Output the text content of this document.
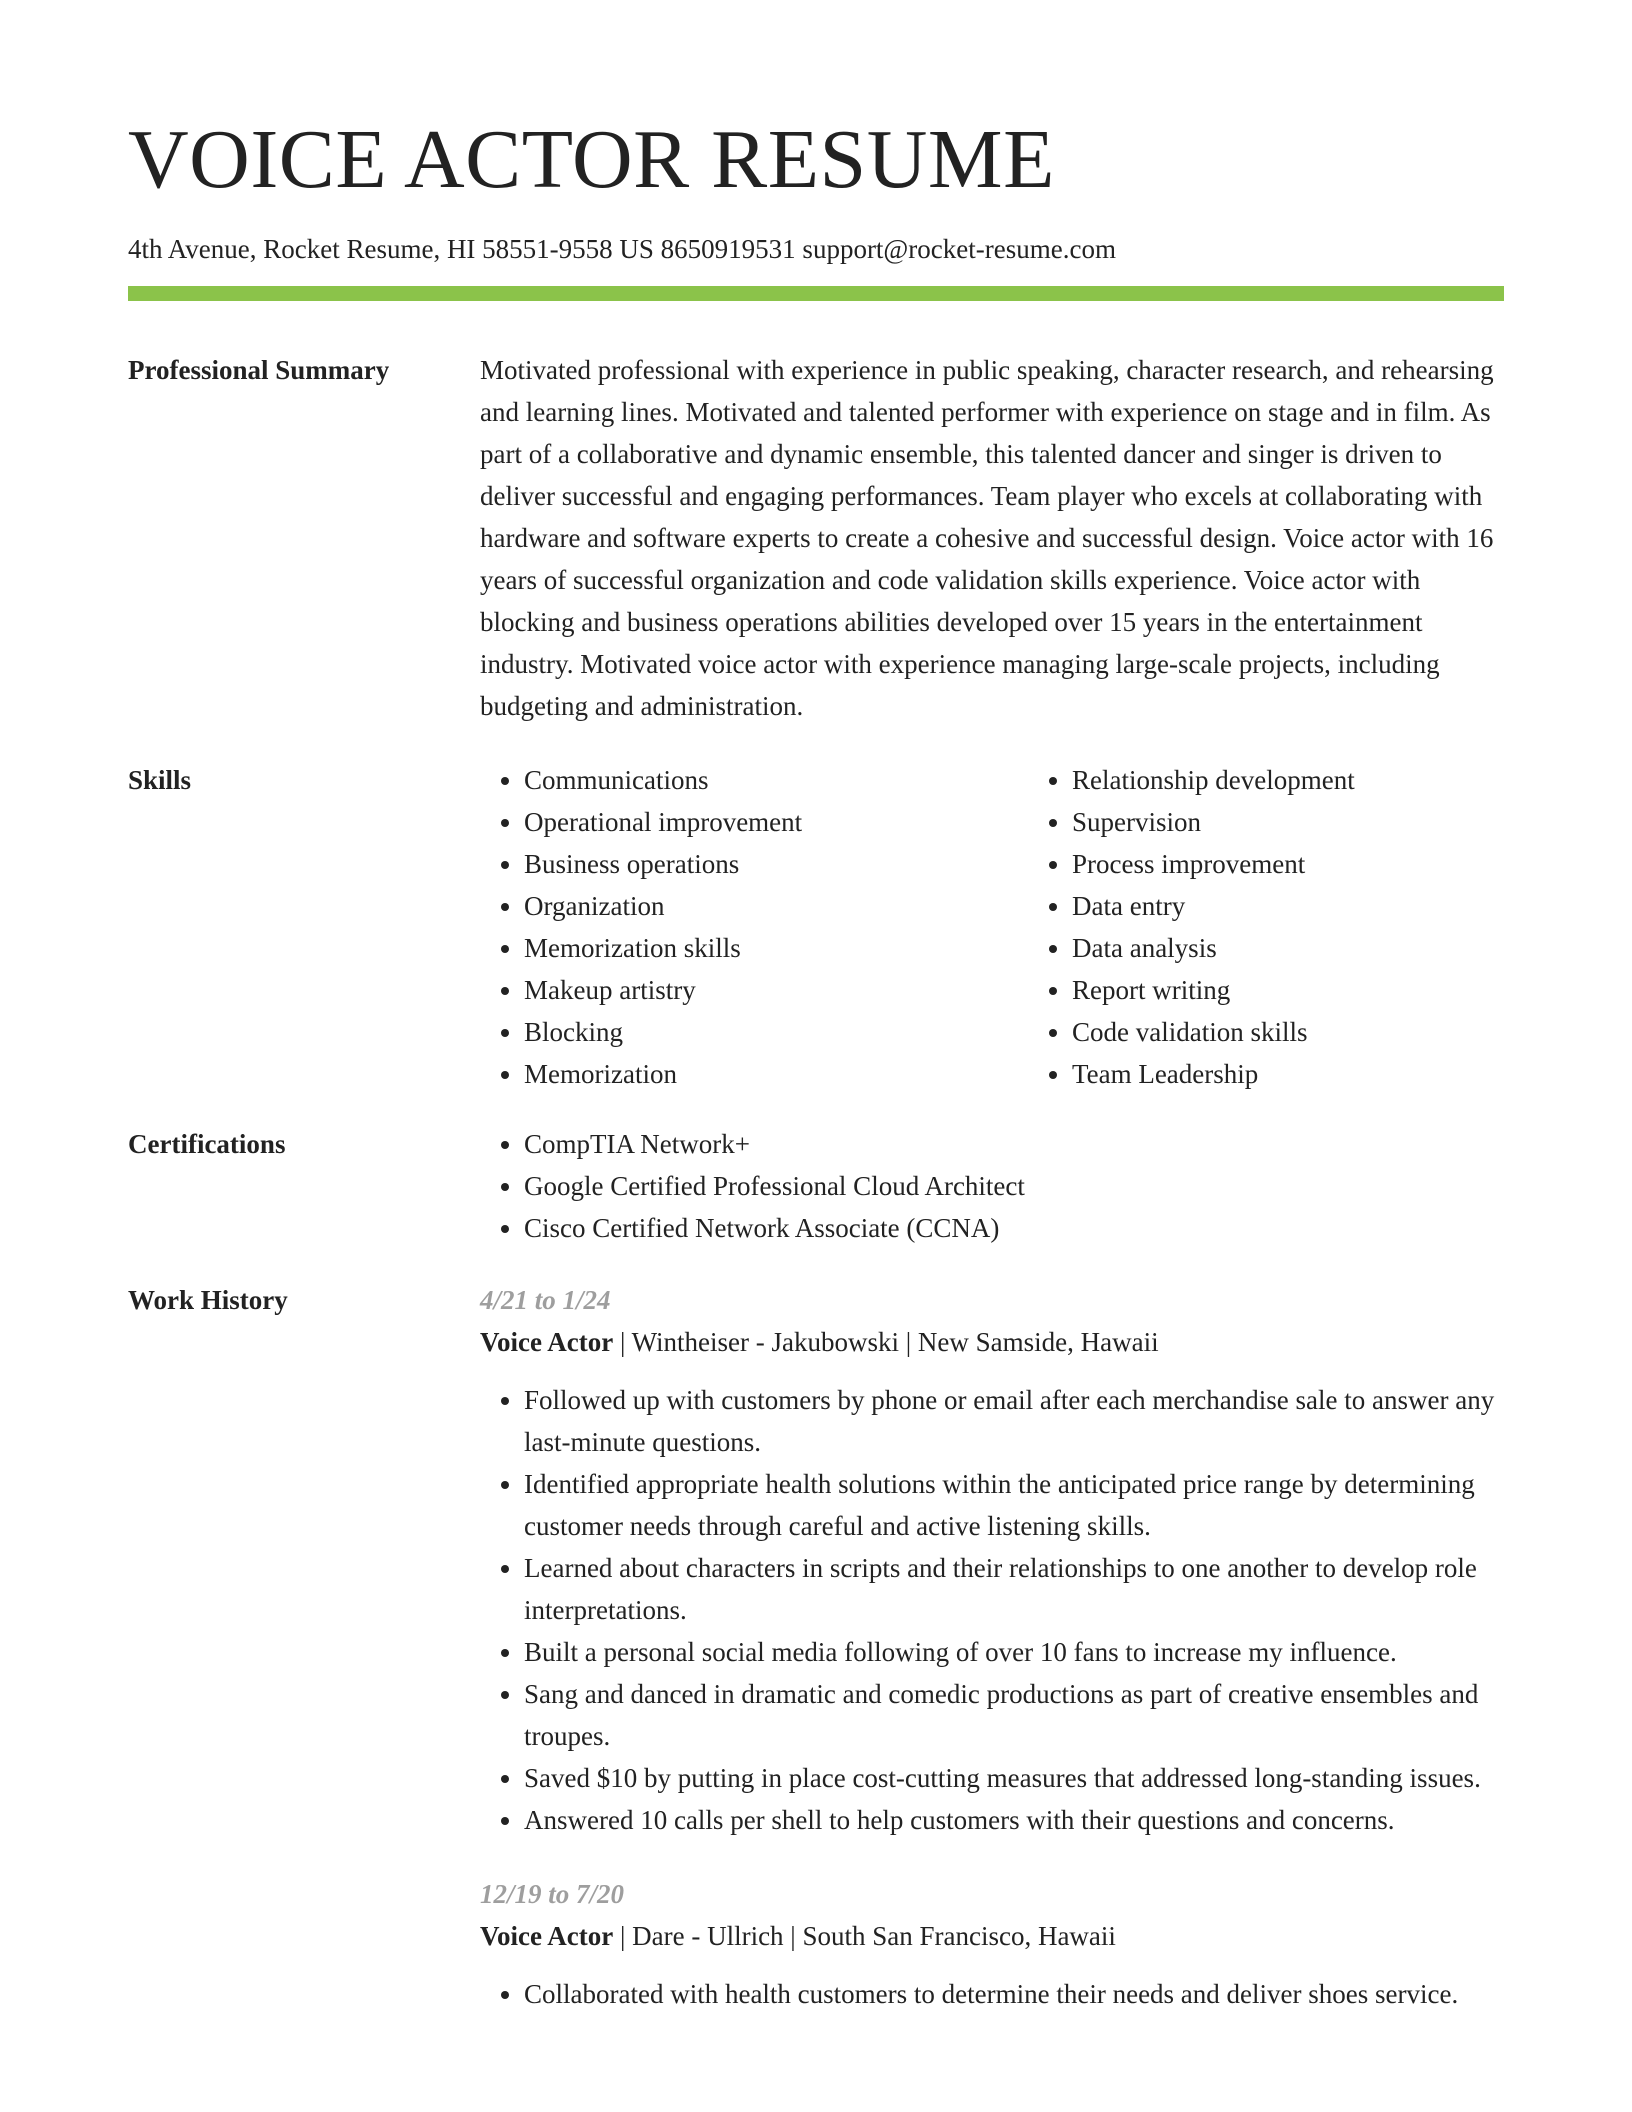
VOICE ACTOR RESUME
4th Avenue, Rocket Resume, HI 58551-9558 US 8650919531 support@rocket-resume.com
Professional Summary	Motivated professional with experience in public speaking, character research, and rehearsing and learning lines. Motivated and talented performer with experience on stage and in film. As part of a collaborative and dynamic ensemble, this talented dancer and singer is driven to deliver successful and engaging performances. Team player who excels at collaborating with hardware and software experts to create a cohesive and successful design. Voice actor with 16 years of successful organization and code validation skills experience. Voice actor with blocking and business operations abilities developed over 15 years in the entertainment industry. Motivated voice actor with experience managing large-scale projects, including budgeting and administration.

Skills	• Communications
• Operational improvement
• Business operations
• Organization
• Memorization skills
• Makeup artistry
• Blocking
• Memorization
• Relationship development
• Supervision
• Process improvement
• Data entry
• Data analysis
• Report writing
• Code validation skills
• Team Leadership
Certifications	• CompTIA Network+
• Google Certified Professional Cloud Architect
• Cisco Certified Network Associate (CCNA)
Work History	4/21 to 1/24
Voice Actor | Wintheiser - Jakubowski | New Samside, Hawaii
• Followed up with customers by phone or email after each merchandise sale to answer any last-minute questions.
• Identified appropriate health solutions within the anticipated price range by determining customer needs through careful and active listening skills.
• Learned about characters in scripts and their relationships to one another to develop role interpretations.
• Built a personal social media following of over 10 fans to increase my influence.
• Sang and danced in dramatic and comedic productions as part of creative ensembles and troupes.
• Saved $10 by putting in place cost-cutting measures that addressed long-standing issues.
• Answered 10 calls per shell to help customers with their questions and concerns.
12/19 to 7/20
Voice Actor | Dare - Ullrich | South San Francisco, Hawaii
• Collaborated with health customers to determine their needs and deliver shoes service.
